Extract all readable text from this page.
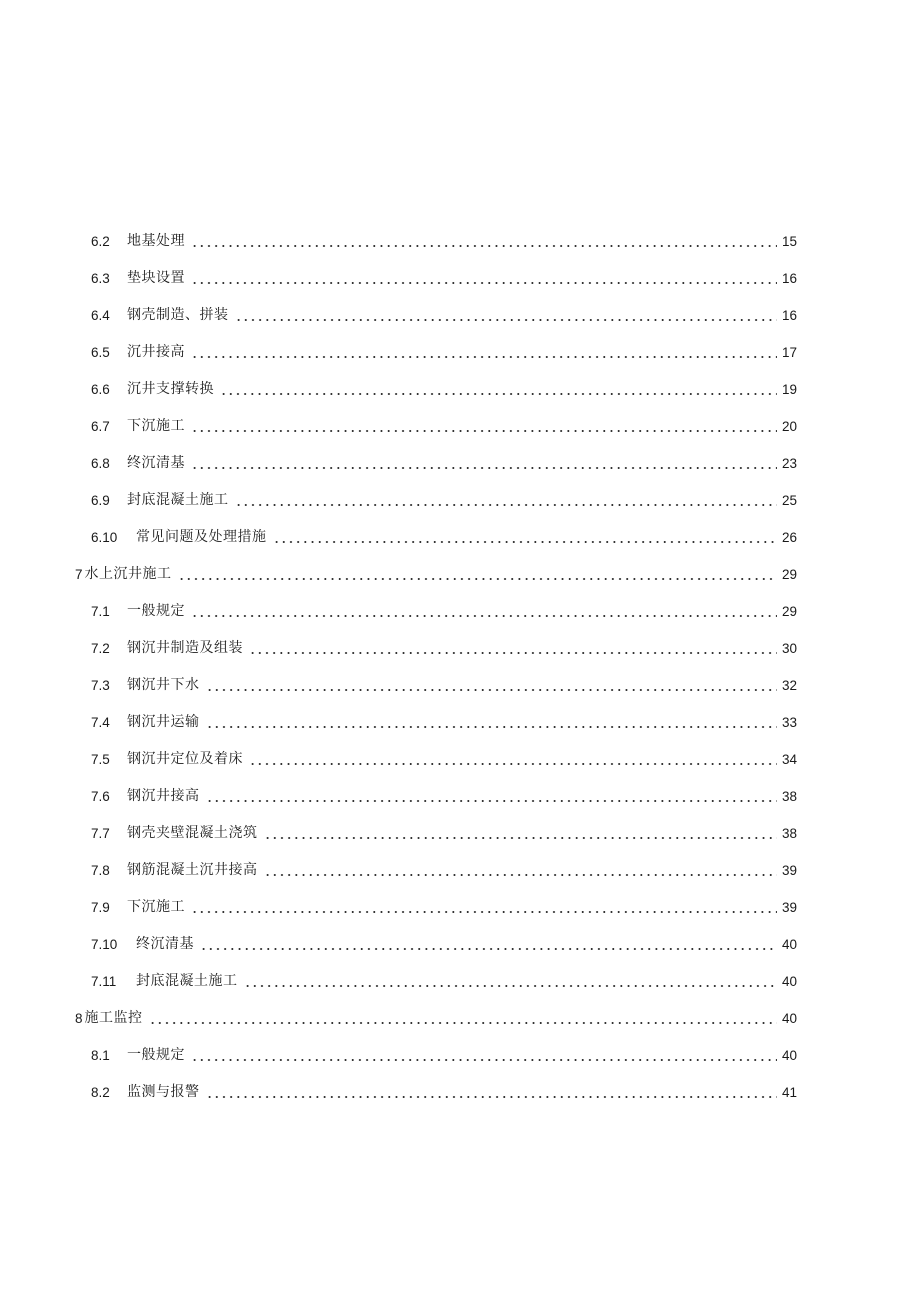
6.2	地基处理	15
6.3	垫块设置	16
6.4	钢壳制造、拼装	16
6.5	沉井接高	17
6.6	沉井支撑转换	19
6.7	下沉施工	20
6.8	终沉清基	23
6.9	封底混凝土施工	25
6.10	常见问题及处理措施	26
7 水上沉井施工	29
7.1	一般规定	29
7.2	钢沉井制造及组装	30
7.3	钢沉井下水	32
7.4	钢沉井运输	33
7.5	钢沉井定位及着床	34
7.6	钢沉井接高	38
7.7	钢壳夹壁混凝土浇筑	38
7.8	钢筋混凝土沉井接高	39
7.9	下沉施工	39
7.10	终沉清基	40
7.11	封底混凝土施工	40
8 施工监控	40
8.1	一般规定	40
8.2	监测与报警	41
